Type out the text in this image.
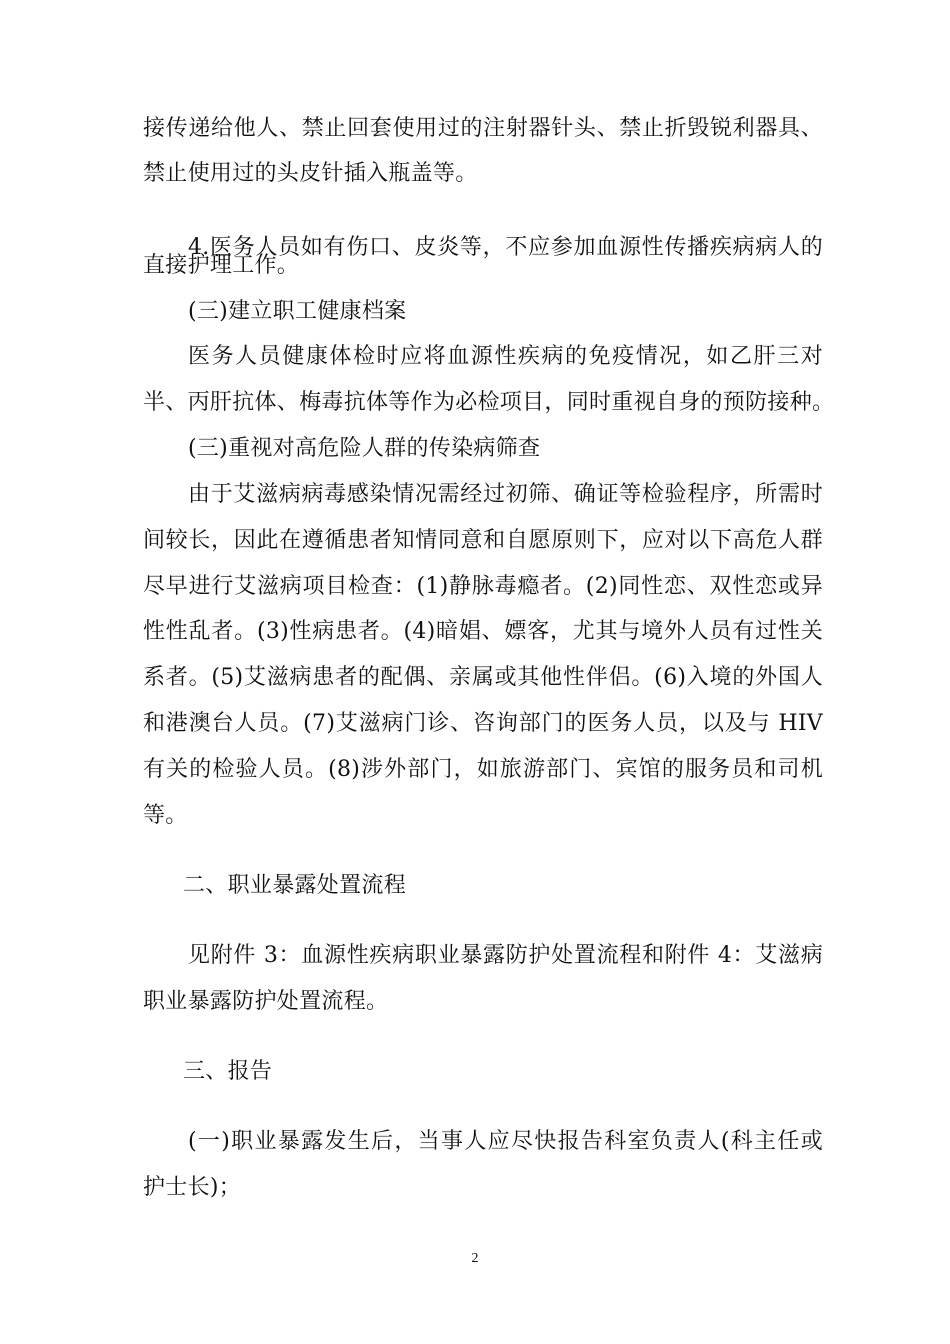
接传递给他人、禁止回套使用过的注射器针头、禁止折毁锐利器具、
禁止使用过的头皮针插入瓶盖等。
4.医务人员如有伤口、皮炎等，不应参加血源性传播疾病病人的
直接护理工作。
(三)建立职工健康档案
医务人员健康体检时应将血源性疾病的免疫情况，如乙肝三对
半、丙肝抗体、梅毒抗体等作为必检项目，同时重视自身的预防接种。
(三)重视对高危险人群的传染病筛查
由于艾滋病病毒感染情况需经过初筛、确证等检验程序，所需时
间较长，因此在遵循患者知情同意和自愿原则下，应对以下高危人群
尽早进行艾滋病项目检查：(1)静脉毒瘾者。(2)同性恋、双性恋或异
性性乱者。(3)性病患者。(4)暗娼、嫖客，尤其与境外人员有过性关
系者。(5)艾滋病患者的配偶、亲属或其他性伴侣。(6)入境的外国人
和港澳台人员。(7)艾滋病门诊、咨询部门的医务人员，以及与 HIV
有关的检验人员。(8)涉外部门，如旅游部门、宾馆的服务员和司机
等。
二、职业暴露处置流程
见附件 3：血源性疾病职业暴露防护处置流程和附件 4：艾滋病
职业暴露防护处置流程。
三、报告
(一)职业暴露发生后，当事人应尽快报告科室负责人(科主任或
护士长)；
2
